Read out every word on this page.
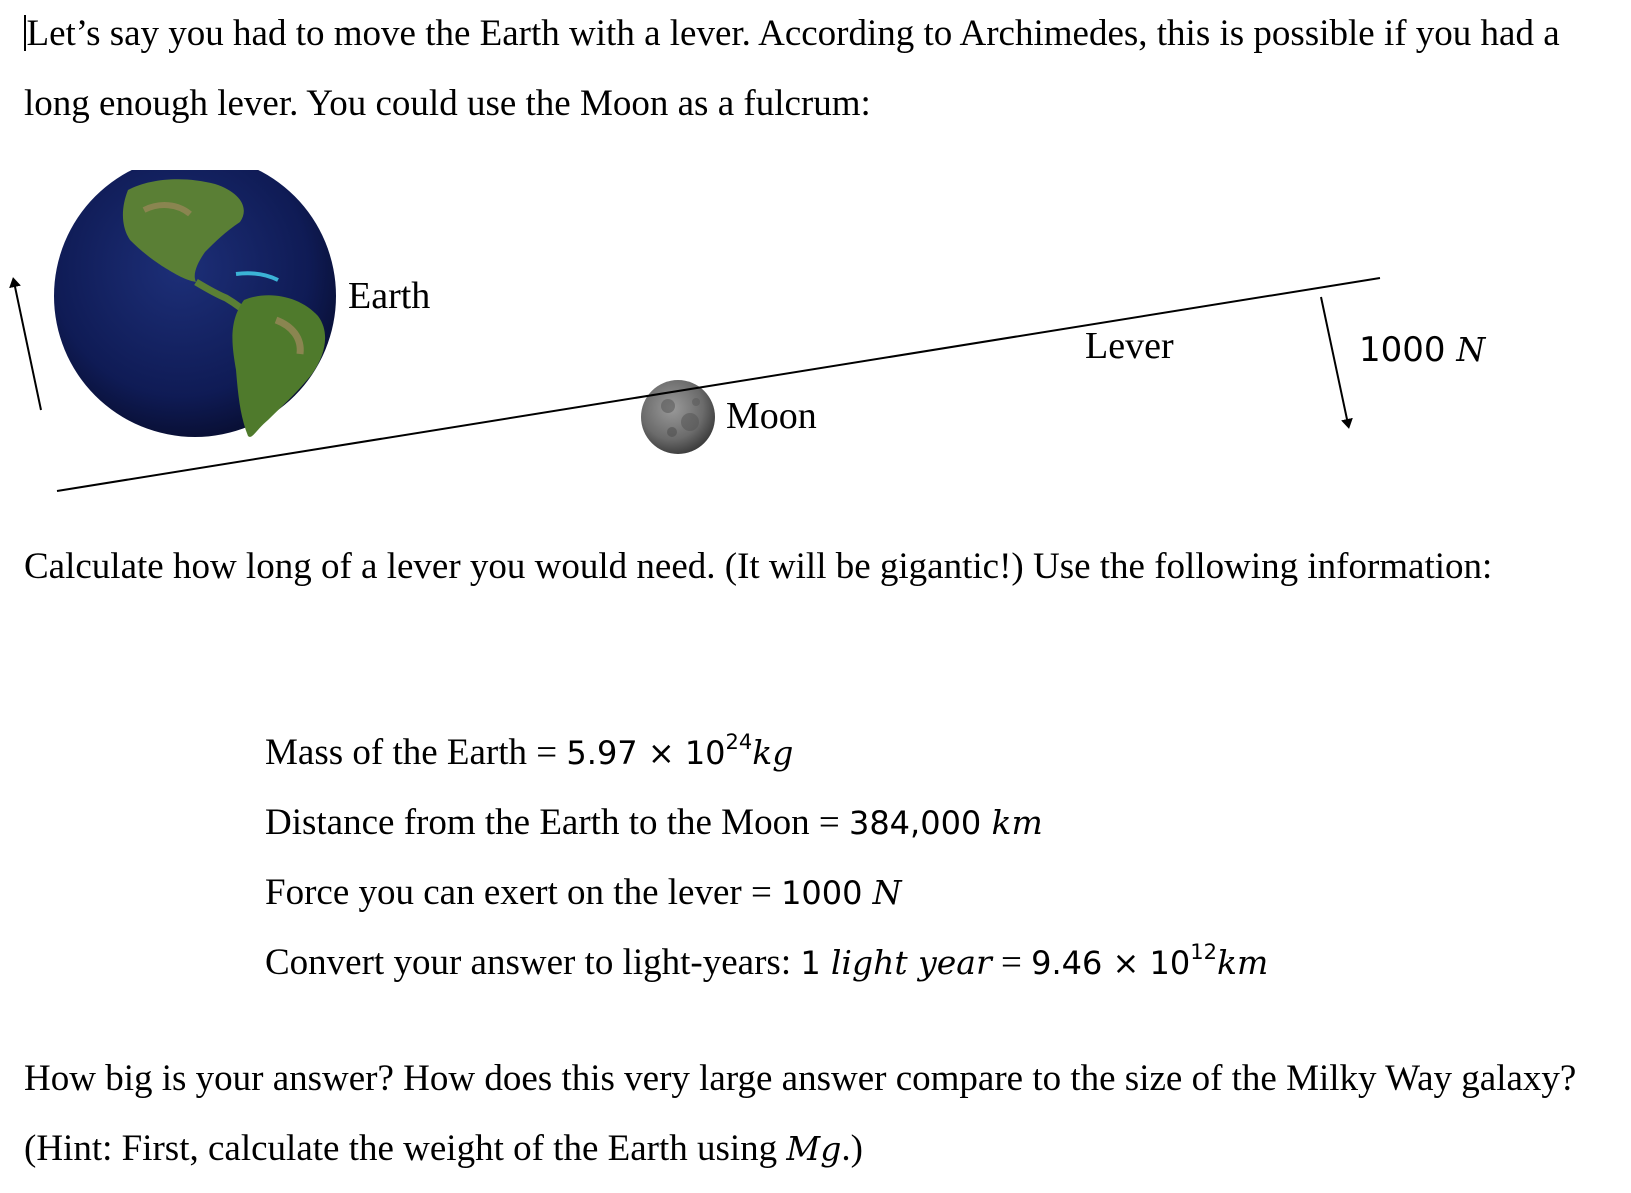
Let’s say you had to move the Earth with a lever. According to Archimedes, this is possible if you had a long enough lever. You could use the Moon as a fulcrum:

Earth
Moon
Lever	1000 N

Calculate how long of a lever you would need. (It will be gigantic!) Use the following information:

Mass of the Earth = $5.97 \times 10^{24}kg$

Distance from the Earth to the Moon = 384,000 km

Force you can exert on the lever = 1000 N

Convert your answer to light-years: 1 light year = $9.46 \times 10^{12}km$

How big is your answer? How does this very large answer compare to the size of the Milky Way galaxy? (Hint: First, calculate the weight of the Earth using Mg.)
